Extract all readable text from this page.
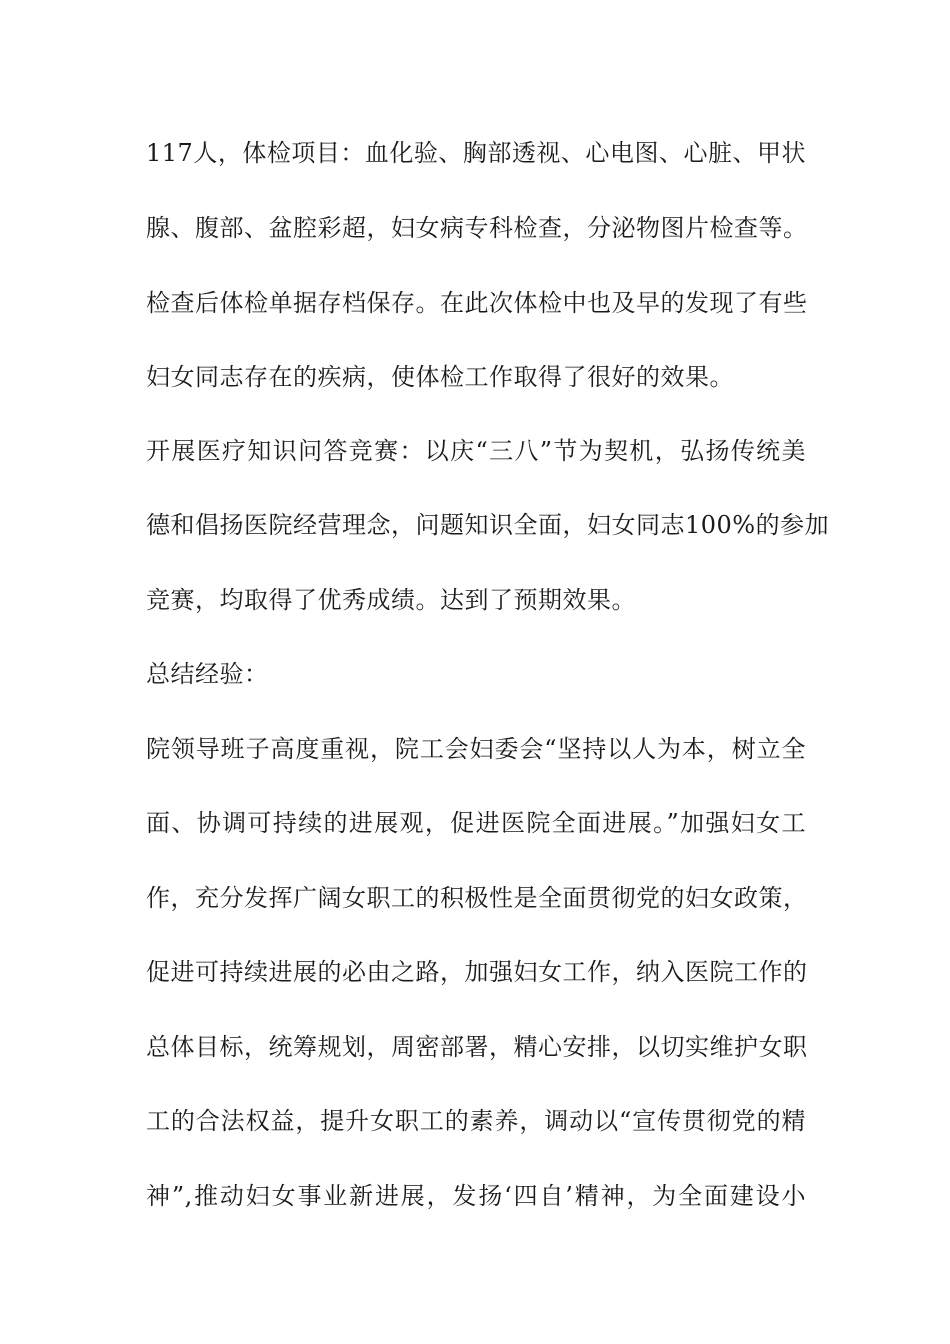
117人，体检项目：血化验、胸部透视、心电图、心脏、甲状
腺、腹部、盆腔彩超，妇女病专科检查，分泌物图片检查等。
检查后体检单据存档保存。在此次体检中也及早的发现了有些
妇女同志存在的疾病，使体检工作取得了很好的效果。
开展医疗知识问答竞赛：以庆“三八”节为契机，弘扬传统美
德和倡扬医院经营理念，问题知识全面，妇女同志100%的参加
竞赛，均取得了优秀成绩。达到了预期效果。
总结经验：
院领导班子高度重视，院工会妇委会“坚持以人为本，树立全
面、协调可持续的进展观，促进医院全面进展。”加强妇女工
作，充分发挥广阔女职工的积极性是全面贯彻党的妇女政策，
促进可持续进展的必由之路，加强妇女工作，纳入医院工作的
总体目标，统筹规划，周密部署，精心安排，以切实维护女职
工的合法权益，提升女职工的素养，调动以“宣传贯彻党的精
神”,推动妇女事业新进展，发扬‘四自’精神，为全面建设小
